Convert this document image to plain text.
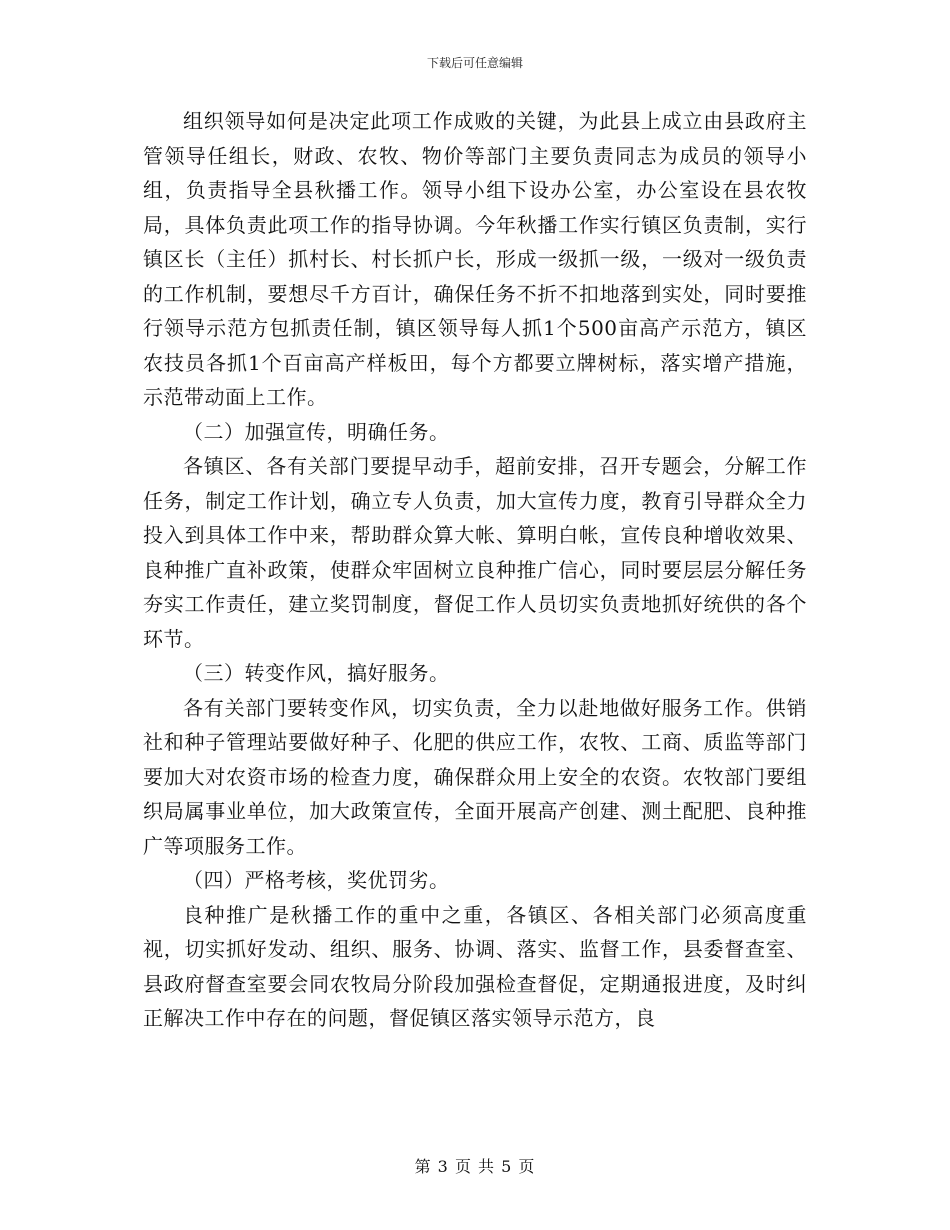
下载后可任意编辑

组织领导如何是决定此项工作成败的关键，为此县上成立由县政府主管领导任组长，财政、农牧、物价等部门主要负责同志为成员的领导小组，负责指导全县秋播工作。领导小组下设办公室，办公室设在县农牧局，具体负责此项工作的指导协调。今年秋播工作实行镇区负责制，实行镇区长（主任）抓村长、村长抓户长，形成一级抓一级，一级对一级负责的工作机制，要想尽千方百计，确保任务不折不扣地落到实处，同时要推行领导示范方包抓责任制，镇区领导每人抓1个500亩高产示范方，镇区农技员各抓1个百亩高产样板田，每个方都要立牌树标，落实增产措施，示范带动面上工作。

（二）加强宣传，明确任务。

各镇区、各有关部门要提早动手，超前安排，召开专题会，分解工作任务，制定工作计划，确立专人负责，加大宣传力度，教育引导群众全力投入到具体工作中来，帮助群众算大帐、算明白帐，宣传良种增收效果、良种推广直补政策，使群众牢固树立良种推广信心，同时要层层分解任务夯实工作责任，建立奖罚制度，督促工作人员切实负责地抓好统供的各个环节。

（三）转变作风，搞好服务。

各有关部门要转变作风，切实负责，全力以赴地做好服务工作。供销社和种子管理站要做好种子、化肥的供应工作，农牧、工商、质监等部门要加大对农资市场的检查力度，确保群众用上安全的农资。农牧部门要组织局属事业单位，加大政策宣传，全面开展高产创建、测土配肥、良种推广等项服务工作。

（四）严格考核，奖优罚劣。

良种推广是秋播工作的重中之重，各镇区、各相关部门必须高度重视，切实抓好发动、组织、服务、协调、落实、监督工作，县委督查室、县政府督查室要会同农牧局分阶段加强检查督促，定期通报进度，及时纠正解决工作中存在的问题，督促镇区落实领导示范方，良

第 3 页 共 5 页
